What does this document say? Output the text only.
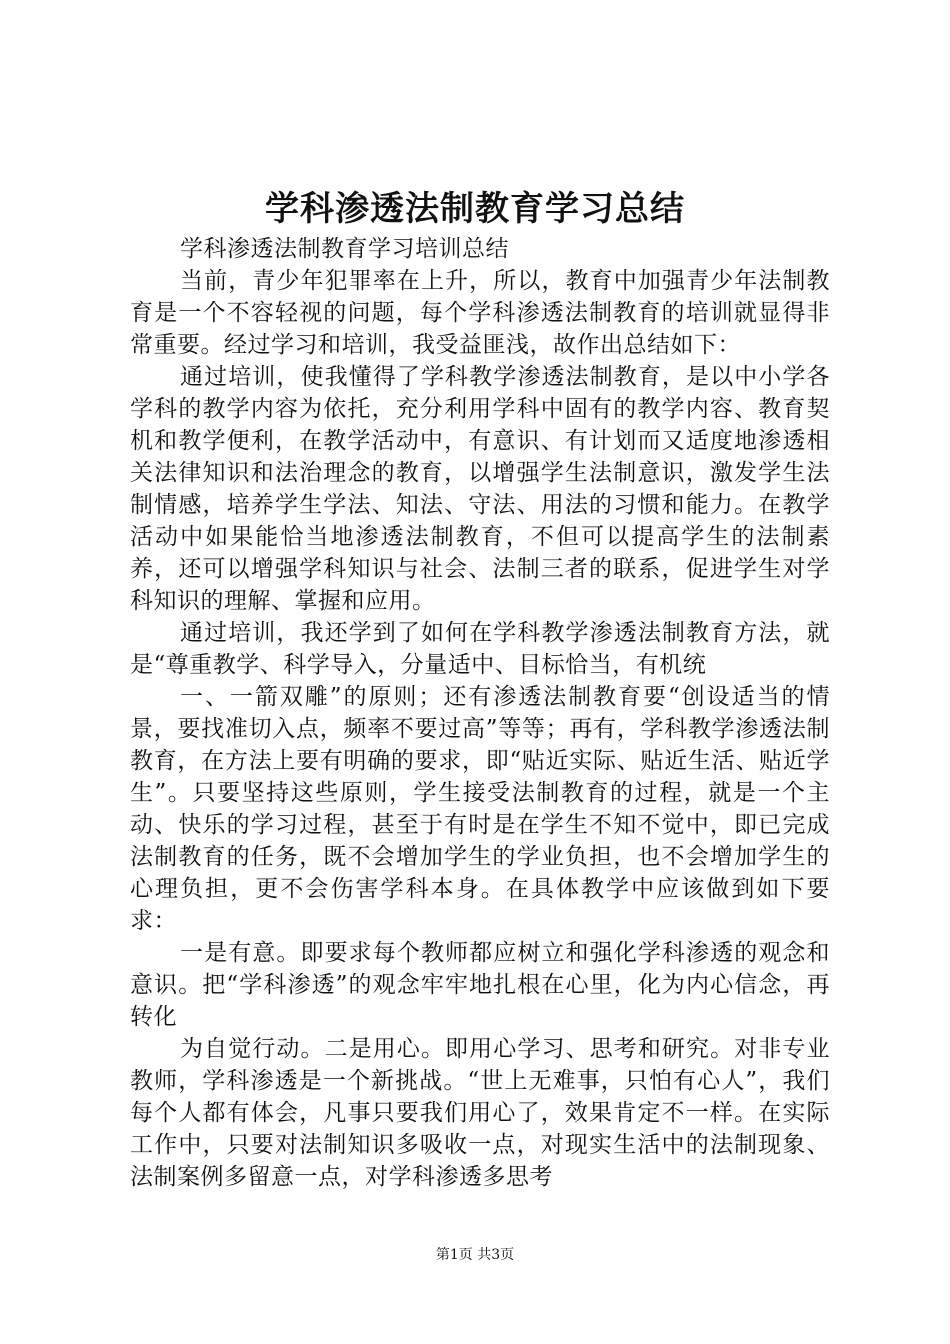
学科渗透法制教育学习总结

学科渗透法制教育学习培训总结

当前，青少年犯罪率在上升，所以，教育中加强青少年法制教育是一个不容轻视的问题，每个学科渗透法制教育的培训就显得非常重要。经过学习和培训，我受益匪浅，故作出总结如下：

通过培训，使我懂得了学科教学渗透法制教育，是以中小学各学科的教学内容为依托，充分利用学科中固有的教学内容、教育契机和教学便利，在教学活动中，有意识、有计划而又适度地渗透相关法律知识和法治理念的教育，以增强学生法制意识，激发学生法制情感，培养学生学法、知法、守法、用法的习惯和能力。在教学活动中如果能恰当地渗透法制教育，不但可以提高学生的法制素养，还可以增强学科知识与社会、法制三者的联系，促进学生对学科知识的理解、掌握和应用。

通过培训，我还学到了如何在学科教学渗透法制教育方法，就是“尊重教学、科学导入，分量适中、目标恰当，有机统

一、一箭双雕”的原则；还有渗透法制教育要“创设适当的情景，要找准切入点，频率不要过高”等等；再有，学科教学渗透法制教育，在方法上要有明确的要求，即“贴近实际、贴近生活、贴近学生”。只要坚持这些原则，学生接受法制教育的过程，就是一个主动、快乐的学习过程，甚至于有时是在学生不知不觉中，即已完成法制教育的任务，既不会增加学生的学业负担，也不会增加学生的心理负担，更不会伤害学科本身。在具体教学中应该做到如下要求：

一是有意。即要求每个教师都应树立和强化学科渗透的观念和意识。把“学科渗透”的观念牢牢地扎根在心里，化为内心信念，再转化

为自觉行动。二是用心。即用心学习、思考和研究。对非专业教师，学科渗透是一个新挑战。“世上无难事，只怕有心人”，我们每个人都有体会，凡事只要我们用心了，效果肯定不一样。在实际工作中，只要对法制知识多吸收一点，对现实生活中的法制现象、法制案例多留意一点，对学科渗透多思考

第1页 共3页
